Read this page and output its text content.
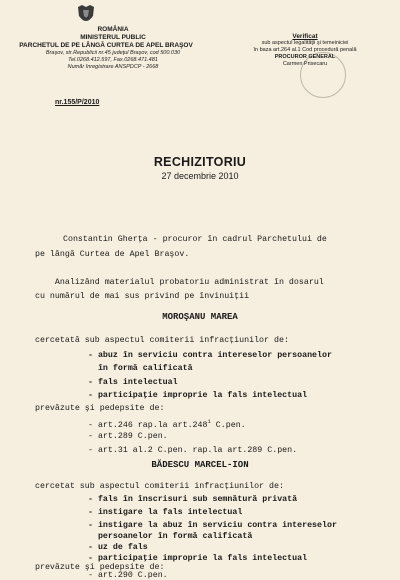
ROMÂNIA
MINISTERUL PUBLIC
PARCHETUL DE PE LÂNGĂ CURTEA DE APEL BRAŞOV
Braşov, str.Republicii nr.45 judeţul Braşov, cod 500.030
Tel.0268.412.597, Fax.0268.471.481
Număr înregistrare ANSPDCP - 2668
nr.155/P/2010
Verificat
sub aspectul legalităţii şi temeiniciei
în baza art.264 al.1 Cod procedură penală
PROCUROR GENERAL
Carmen Prisecaru
RECHIZITORIU
27 decembrie 2010
Constantin Gherţa - procuror în cadrul Parchetului de
pe lângă Curtea de Apel Braşov.
Analizând materialul probatoriu administrat în dosarul
cu numărul de mai sus privind pe învinuiţii
MOROŞANU MAREA
cercetată sub aspectul comiterii infracţiunilor de:
- abuz în serviciu contra intereselor persoanelor
în formă calificată
- fals intelectual
- participaţie improprie la fals intelectual
prevăzute şi pedepsite de:
- art.246 rap.la art.248$^1$ C.pen.
- art.289 C.pen.
- art.31 al.2 C.pen. rap.la art.289 C.pen.
BĂDESCU MARCEL-ION
cercetat sub aspectul comiterii infracţiunilor de:
- fals în înscrisuri sub semnătură privată
- instigare la fals intelectual
- instigare la abuz în serviciu contra intereselor
persoanelor în formă calificată
- uz de fals
- participaţie improprie la fals intelectual
prevăzute şi pedepsite de:
- art.290 C.pen.
